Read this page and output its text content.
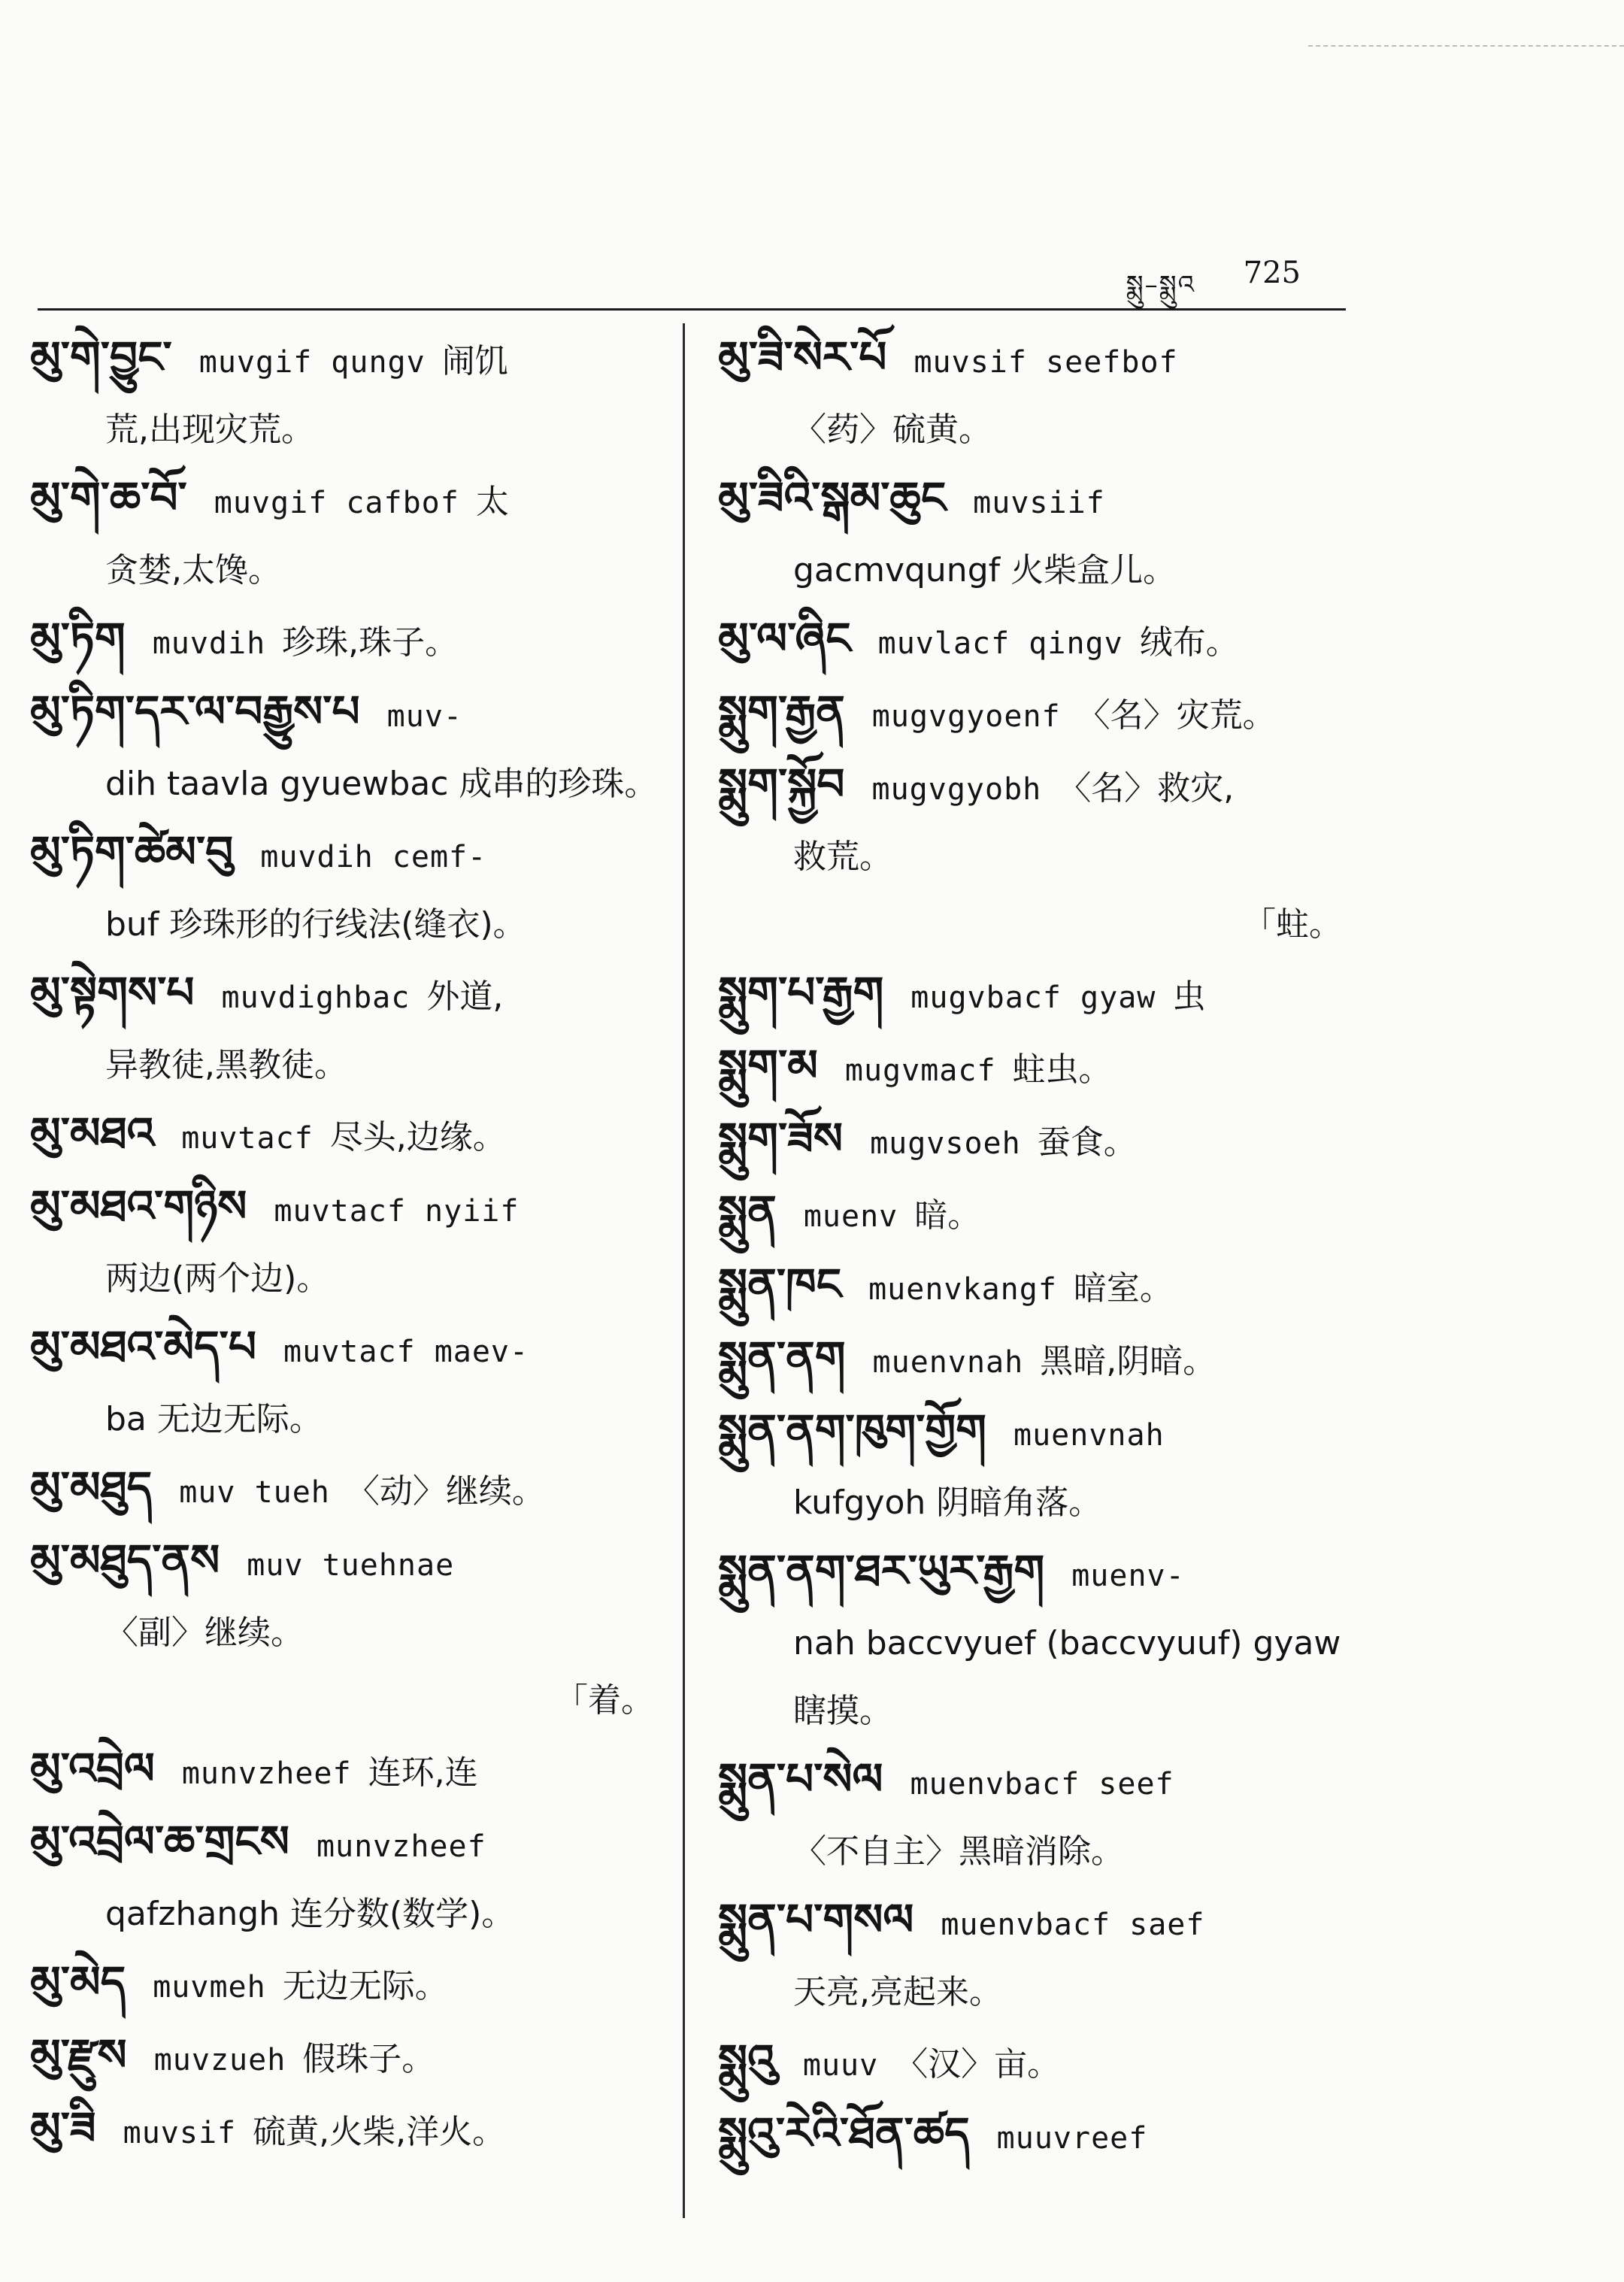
སྨུ–སྨུའ 725
མུ་གེ་བྱུང་ muvgif qungv 闹饥
荒,出现灾荒。
མུ་གེ་ཆ་བོ་ muvgif cafbof 太
贪婪,太馋。
མུ་ཏིག muvdih 珍珠,珠子。
མུ་ཏིག་དར་ལ་བརྒྱུས་པ muv-
dih taavla gyuewbac 成串的珍珠。
མུ་ཏིག་ཚེམ་བུ muvdih cemf-
buf 珍珠形的行线法(缝衣)。
མུ་སྟེགས་པ muvdighbac 外道,
异教徒,黑教徒。
མུ་མཐའ muvtacf 尽头,边缘。
མུ་མཐའ་གཉིས muvtacf nyiif
两边(两个边)。
མུ་མཐའ་མེད་པ muvtacf maev-
ba 无边无际。
མུ་མཐུད muv tueh 〈动〉继续。
མུ་མཐུད་ནས muv tuehnae
〈副〉继续。
「着。
མུ་འབྲེལ munvzheef 连环,连
མུ་འབྲེལ་ཆ་གྲངས munvzheef
qafzhangh 连分数(数学)。
མུ་མེད muvmeh 无边无际。
མུ་རྫུས muvzueh 假珠子。
མུ་ཟི muvsif 硫黄,火柴,洋火。
མུ་ཟི་སེར་པོ muvsif seefbof
〈药〉硫黄。
མུ་ཟིའི་སྒམ་ཆུང muvsiif
gacmvqungf 火柴盒儿。
མུ་ལ་ཞིང muvlacf qingv 绒布。
སྨུག་རྒྱན mugvgyoenf 〈名〉灾荒。
སྨུག་སྐྱོབ mugvgyobh 〈名〉救灾,
救荒。
「蛀。
སྨུག་པ་རྒྱག mugvbacf gyaw 虫
སྨུག་མ mugvmacf 蛀虫。
སྨུག་ཟོས mugvsoeh 蚕食。
སྨུན muenv 暗。
སྨུན་ཁང muenvkangf 暗室。
སྨུན་ནག muenvnah 黑暗,阴暗。
སྨུན་ནག་ཁུག་གྱོག muenvnah
kufgyoh 阴暗角落。
སྨུན་ནག་ཐར་ཡུར་རྒྱག muenv-
nah baccvyuef (baccvyuuf) gyaw 瞎摸。
སྨུན་པ་སེལ muenvbacf seef
〈不自主〉黑暗消除。
སྨུན་པ་གསལ muenvbacf saef
天亮,亮起来。
སྨུའུ muuv 〈汉〉亩。
སྨུའུ་རེའི་ཐོན་ཚད muuvreef
